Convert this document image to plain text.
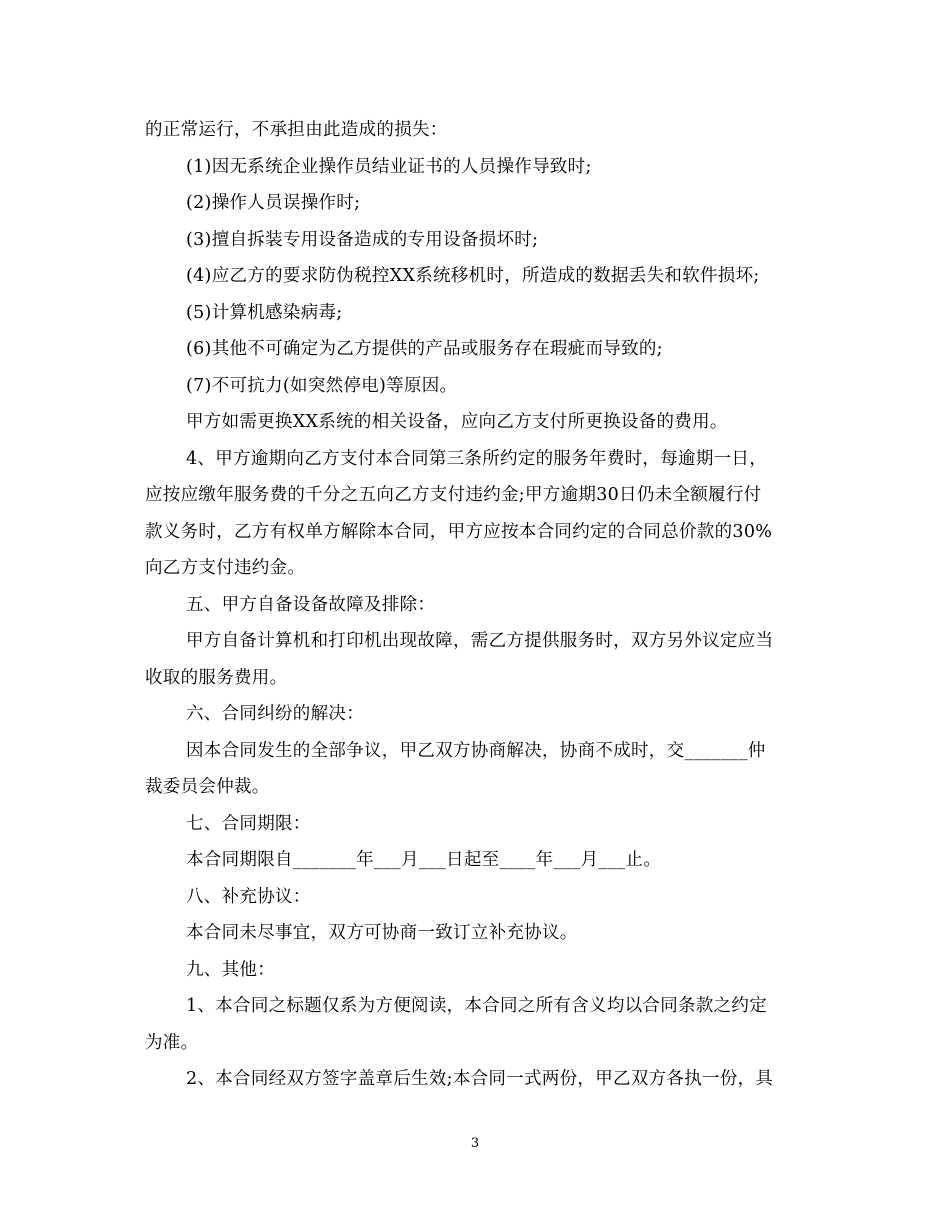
的正常运行，不承担由此造成的损失：
(1)因无系统企业操作员结业证书的人员操作导致时;
(2)操作人员误操作时;
(3)擅自拆装专用设备造成的专用设备损坏时;
(4)应乙方的要求防伪税控XX系统移机时，所造成的数据丢失和软件损坏;
(5)计算机感染病毒;
(6)其他不可确定为乙方提供的产品或服务存在瑕疵而导致的;
(7)不可抗力(如突然停电)等原因。
甲方如需更换XX系统的相关设备，应向乙方支付所更换设备的费用。
4、甲方逾期向乙方支付本合同第三条所约定的服务年费时，每逾期一日，
应按应缴年服务费的千分之五向乙方支付违约金;甲方逾期30日仍未全额履行付
款义务时，乙方有权单方解除本合同，甲方应按本合同约定的合同总价款的30%
向乙方支付违约金。
五、甲方自备设备故障及排除：
甲方自备计算机和打印机出现故障，需乙方提供服务时，双方另外议定应当
收取的服务费用。
六、合同纠纷的解决：
因本合同发生的全部争议，甲乙双方协商解决，协商不成时，交_______仲
裁委员会仲裁。
七、合同期限：
本合同期限自_______年___月___日起至____年___月___止。
八、补充协议：
本合同未尽事宜，双方可协商一致订立补充协议。
九、其他：
1、本合同之标题仅系为方便阅读，本合同之所有含义均以合同条款之约定
为准。
2、本合同经双方签字盖章后生效;本合同一式两份，甲乙双方各执一份，具
3
